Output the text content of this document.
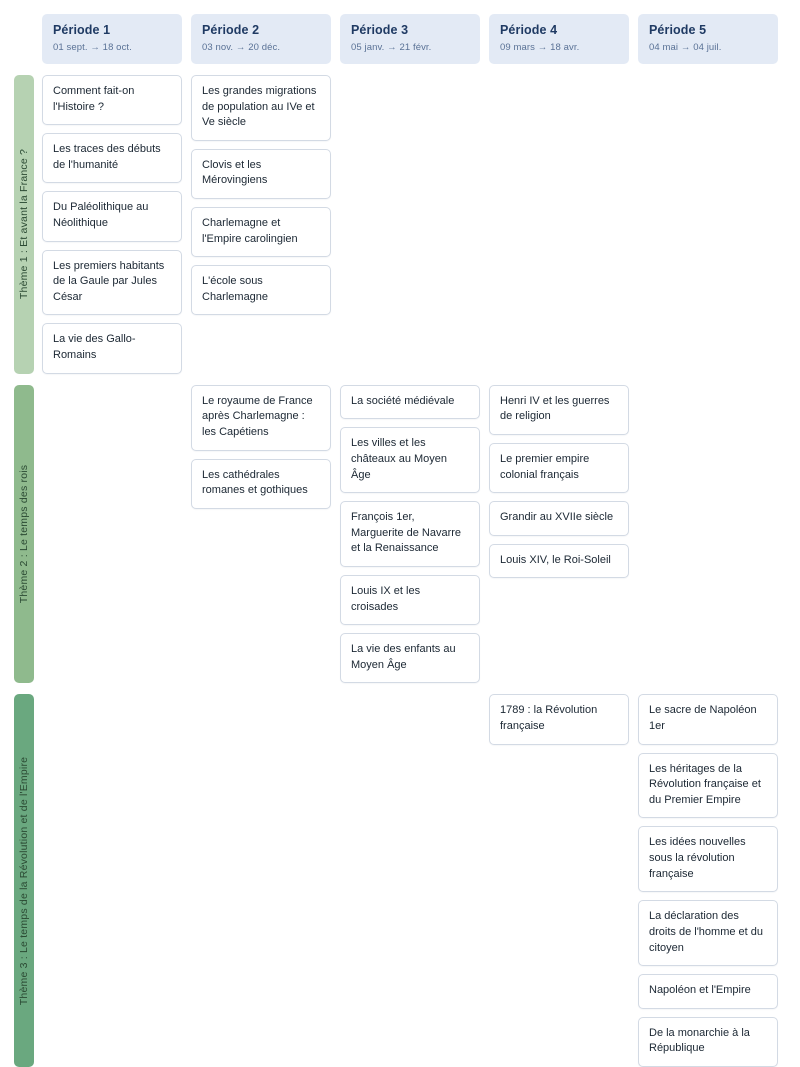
Période 1
01 sept. → 18 oct.
Période 2
03 nov. → 20 déc.
Période 3
05 janv. → 21 févr.
Période 4
09 mars → 18 avr.
Période 5
04 mai → 04 juil.
Thème 1 : Et avant la France ?
Comment fait-on l'Histoire ?
Les traces des débuts de l'humanité
Du Paléolithique au Néolithique
Les premiers habitants de la Gaule par Jules César
La vie des Gallo-Romains
Les grandes migrations de population au IVe et Ve siècle
Clovis et les Mérovingiens
Charlemagne et l'Empire carolingien
L'école sous Charlemagne
Thème 2 : Le temps des rois
Le royaume de France après Charlemagne : les Capétiens
Les cathédrales romanes et gothiques
La société médiévale
Les villes et les châteaux au Moyen Âge
François 1er, Marguerite de Navarre et la Renaissance
Louis IX et les croisades
La vie des enfants au Moyen Âge
Henri IV et les guerres de religion
Le premier empire colonial français
Grandir au XVIIe siècle
Louis XIV, le Roi-Soleil
Thème 3 : Le temps de la Révolution et de l'Empire
1789 : la Révolution française
Le sacre de Napoléon 1er
Les héritages de la Révolution française et du Premier Empire
Les idées nouvelles sous la révolution française
La déclaration des droits de l'homme et du citoyen
Napoléon et l'Empire
De la monarchie à la République
